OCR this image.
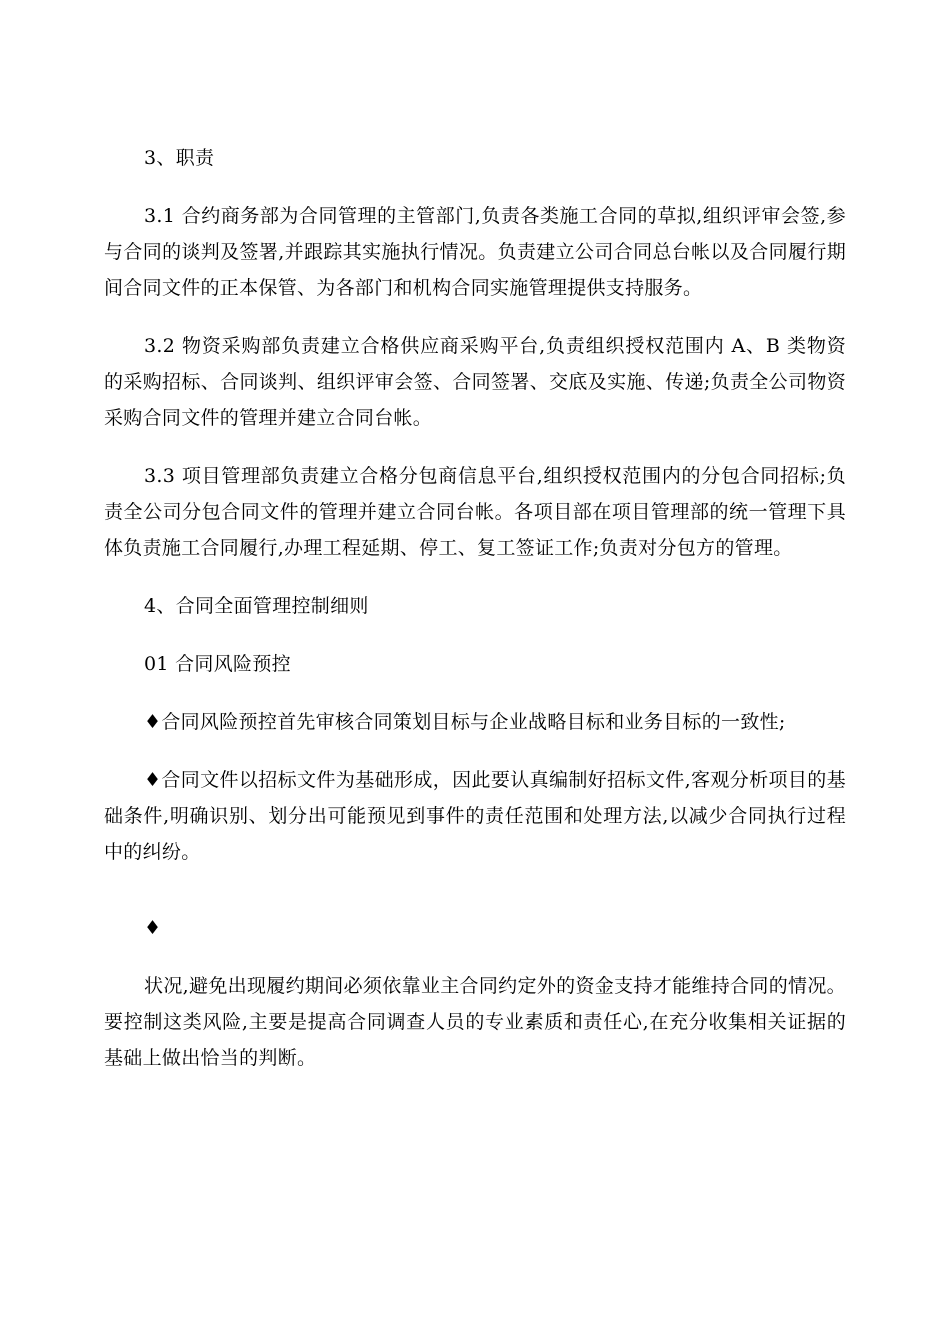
3、职责

3.1 合约商务部为合同管理的主管部门,负责各类施工合同的草拟,组织评审会签,参与合同的谈判及签署,并跟踪其实施执行情况。负责建立公司合同总台帐以及合同履行期间合同文件的正本保管、为各部门和机构合同实施管理提供支持服务。

3.2 物资采购部负责建立合格供应商采购平台,负责组织授权范围内 A、B 类物资的采购招标、合同谈判、组织评审会签、合同签署、交底及实施、传递;负责全公司物资采购合同文件的管理并建立合同台帐。

3.3 项目管理部负责建立合格分包商信息平台,组织授权范围内的分包合同招标;负责全公司分包合同文件的管理并建立合同台帐。各项目部在项目管理部的统一管理下具体负责施工合同履行,办理工程延期、停工、复工签证工作;负责对分包方的管理。

4、合同全面管理控制细则

01 合同风险预控

♦合同风险预控首先审核合同策划目标与企业战略目标和业务目标的一致性;

♦合同文件以招标文件为基础形成，因此要认真编制好招标文件,客观分析项目的基础条件,明确识别、划分出可能预见到事件的责任范围和处理方法,以减少合同执行过程中的纠纷。

♦

状况,避免出现履约期间必须依靠业主合同约定外的资金支持才能维持合同的情况。要控制这类风险,主要是提高合同调查人员的专业素质和责任心,在充分收集相关证据的基础上做出恰当的判断。
